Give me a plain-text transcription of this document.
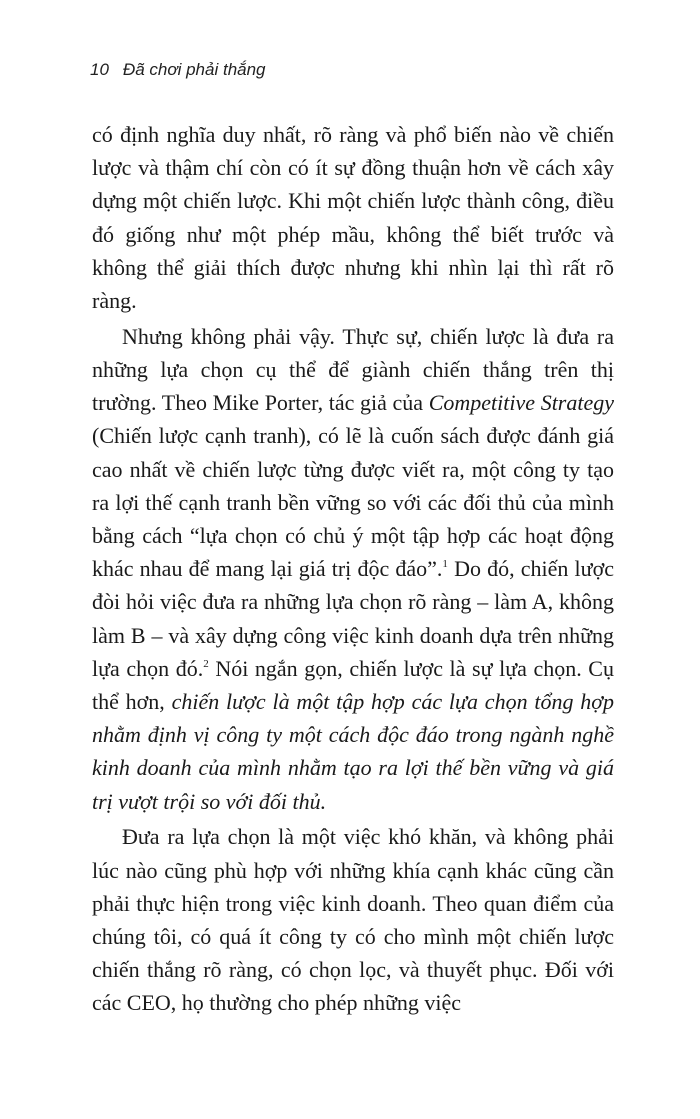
10 Đã chơi phải thắng

có định nghĩa duy nhất, rõ ràng và phổ biến nào về chiến lược và thậm chí còn có ít sự đồng thuận hơn về cách xây dựng một chiến lược. Khi một chiến lược thành công, điều đó giống như một phép mầu, không thể biết trước và không thể giải thích được nhưng khi nhìn lại thì rất rõ ràng.

Nhưng không phải vậy. Thực sự, chiến lược là đưa ra những lựa chọn cụ thể để giành chiến thắng trên thị trường. Theo Mike Porter, tác giả của Competitive Strategy (Chiến lược cạnh tranh), có lẽ là cuốn sách được đánh giá cao nhất về chiến lược từng được viết ra, một công ty tạo ra lợi thế cạnh tranh bền vững so với các đối thủ của mình bằng cách “lựa chọn có chủ ý một tập hợp các hoạt động khác nhau để mang lại giá trị độc đáo”.$^1$ Do đó, chiến lược đòi hỏi việc đưa ra những lựa chọn rõ ràng – làm A, không làm B – và xây dựng công việc kinh doanh dựa trên những lựa chọn đó.$^2$ Nói ngắn gọn, chiến lược là sự lựa chọn. Cụ thể hơn, chiến lược là một tập hợp các lựa chọn tổng hợp nhằm định vị công ty một cách độc đáo trong ngành nghề kinh doanh của mình nhằm tạo ra lợi thế bền vững và giá trị vượt trội so với đối thủ.

Đưa ra lựa chọn là một việc khó khăn, và không phải lúc nào cũng phù hợp với những khía cạnh khác cũng cần phải thực hiện trong việc kinh doanh. Theo quan điểm của chúng tôi, có quá ít công ty có cho mình một chiến lược chiến thắng rõ ràng, có chọn lọc, và thuyết phục. Đối với các CEO, họ thường cho phép những việc
